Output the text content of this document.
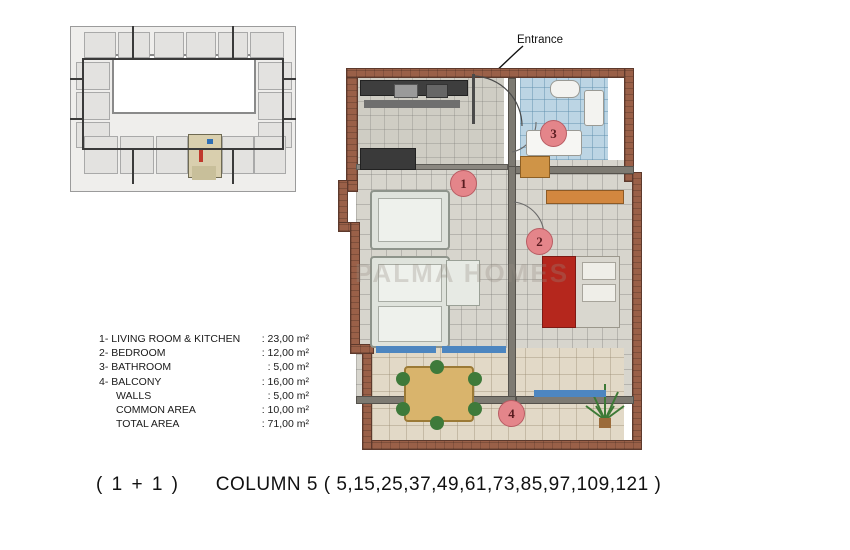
Entrance
1
2
3
4
PALMA HOMES
1- LIVING ROOM & KITCHEN : 23,00 m²
2- BEDROOM	: 12,00 m²
3- BATHROOM	: 5,00 m²
4- BALCONY	: 16,00 m²
WALLS	: 5,00 m²
COMMON AREA	: 10,00 m²
TOTAL AREA	: 71,00 m²
( 1 + 1 ) COLUMN 5 ( 5,15,25,37,49,61,73,85,97,109,121 )
